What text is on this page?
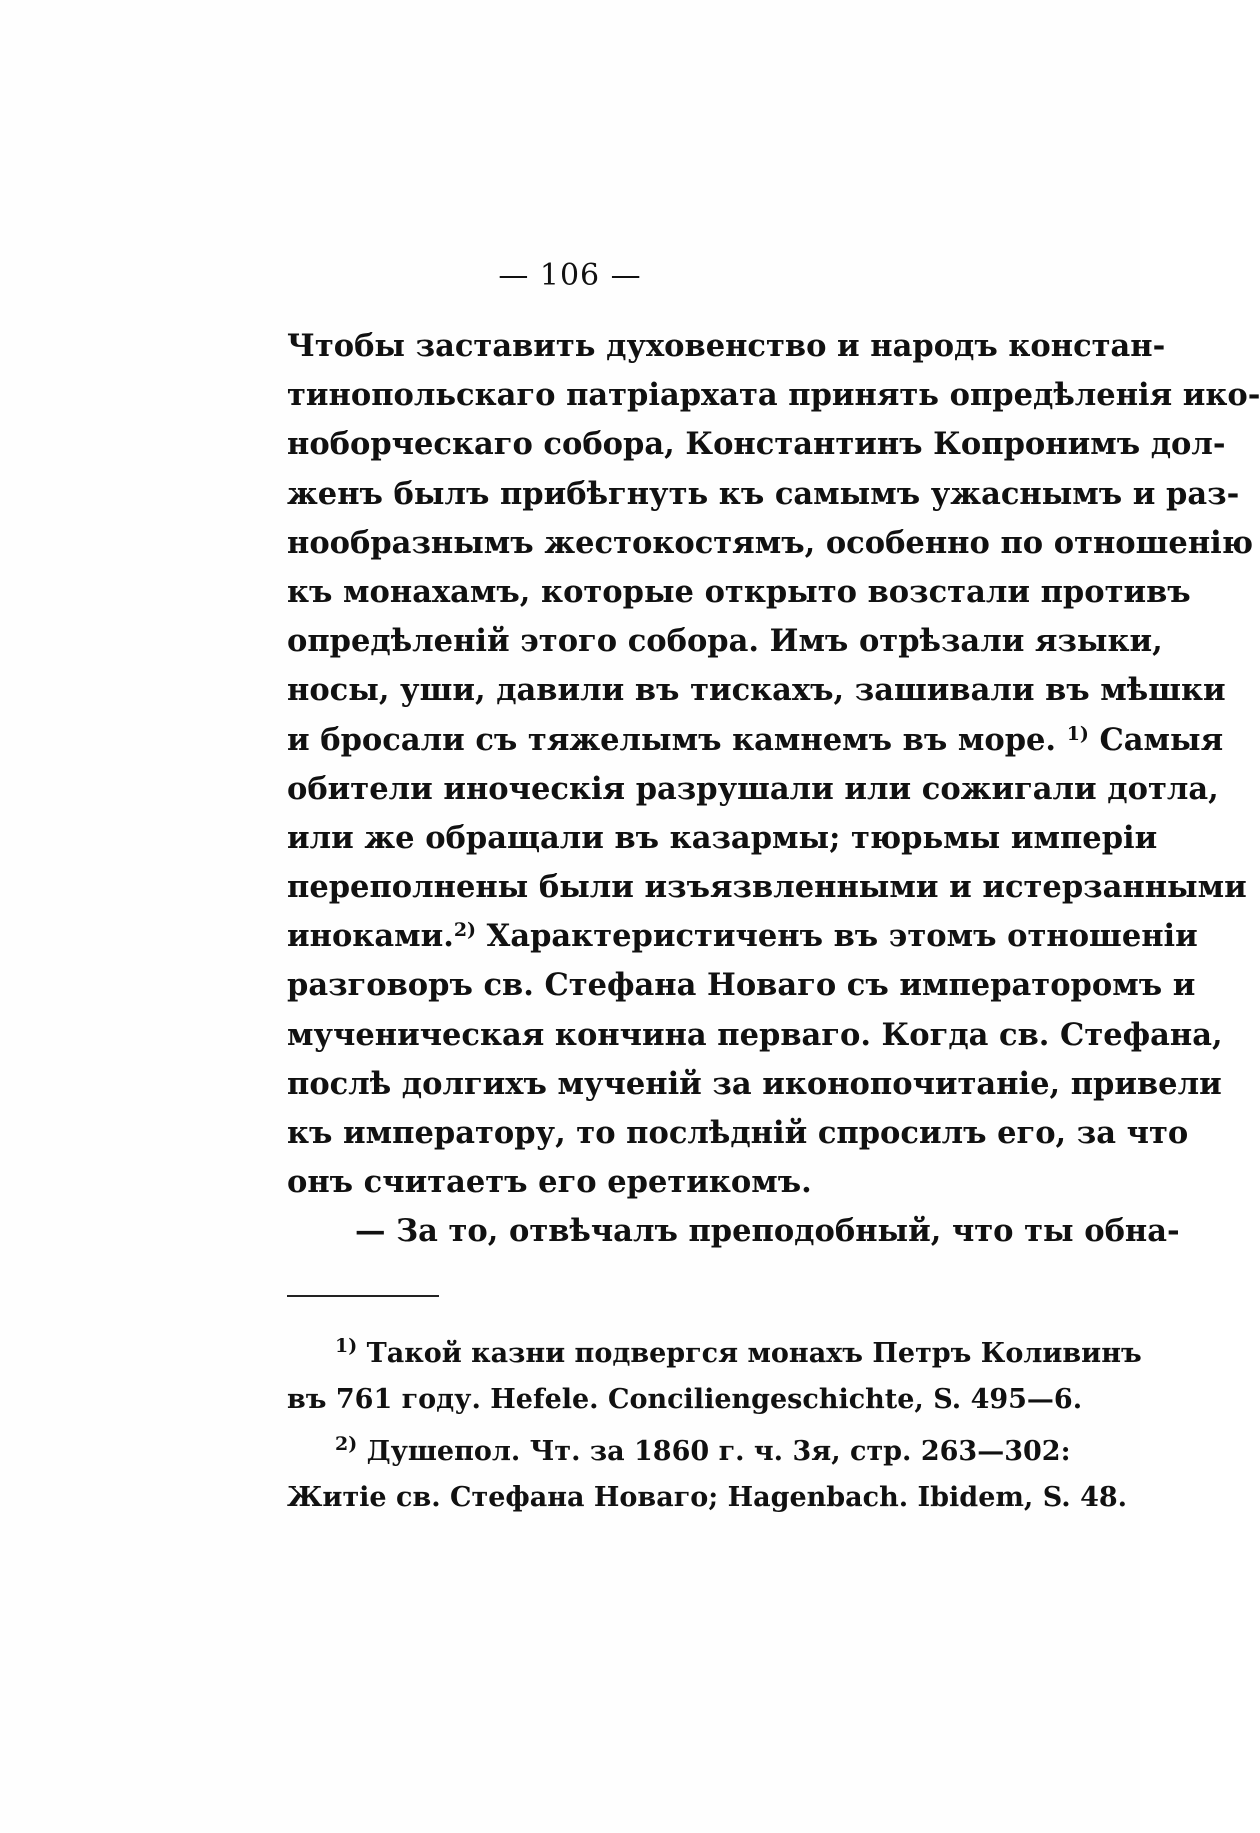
— 106 —
Чтобы заставить духовенство и народъ констан-
тинопольскаго патріархата принять опредѣленія ико-
ноборческаго собора, Константинъ Копронимъ дол-
женъ былъ прибѣгнуть къ самымъ ужаснымъ и раз-
нообразнымъ жестокостямъ, особенно по отношенію
къ монахамъ, которые открыто возстали противъ
опредѣленій этого собора. Имъ отрѣзали языки,
носы, уши, давили въ тискахъ, зашивали въ мѣшки
и бросали съ тяжелымъ камнемъ въ море. $^{1)}$ Самыя
обители иноческія разрушали или сожигали дотла,
или же обращали въ казармы; тюрьмы имперіи
переполнены были изъязвленными и истерзанными
иноками.$^{2)}$ Характеристиченъ въ этомъ отношеніи
разговоръ св. Стефана Новаго съ императоромъ и
мученическая кончина перваго. Когда св. Стефана,
послѣ долгихъ мученій за иконопочитаніе, привели
къ императору, то послѣдній спросилъ его, за что
онъ считаетъ его еретикомъ.
— За то, отвѣчалъ преподобный, что ты обна-
$^{1)}$ Такой казни подвергся монахъ Петръ Коливинъ
въ 761 году. Hefele. Conciliengeschichte, S. 495—6.
$^{2)}$ Душепол. Чт. за 1860 г. ч. 3я, стр. 263—302:
Житіе св. Стефана Новаго; Hagenbach. Ibidem, S. 48.
